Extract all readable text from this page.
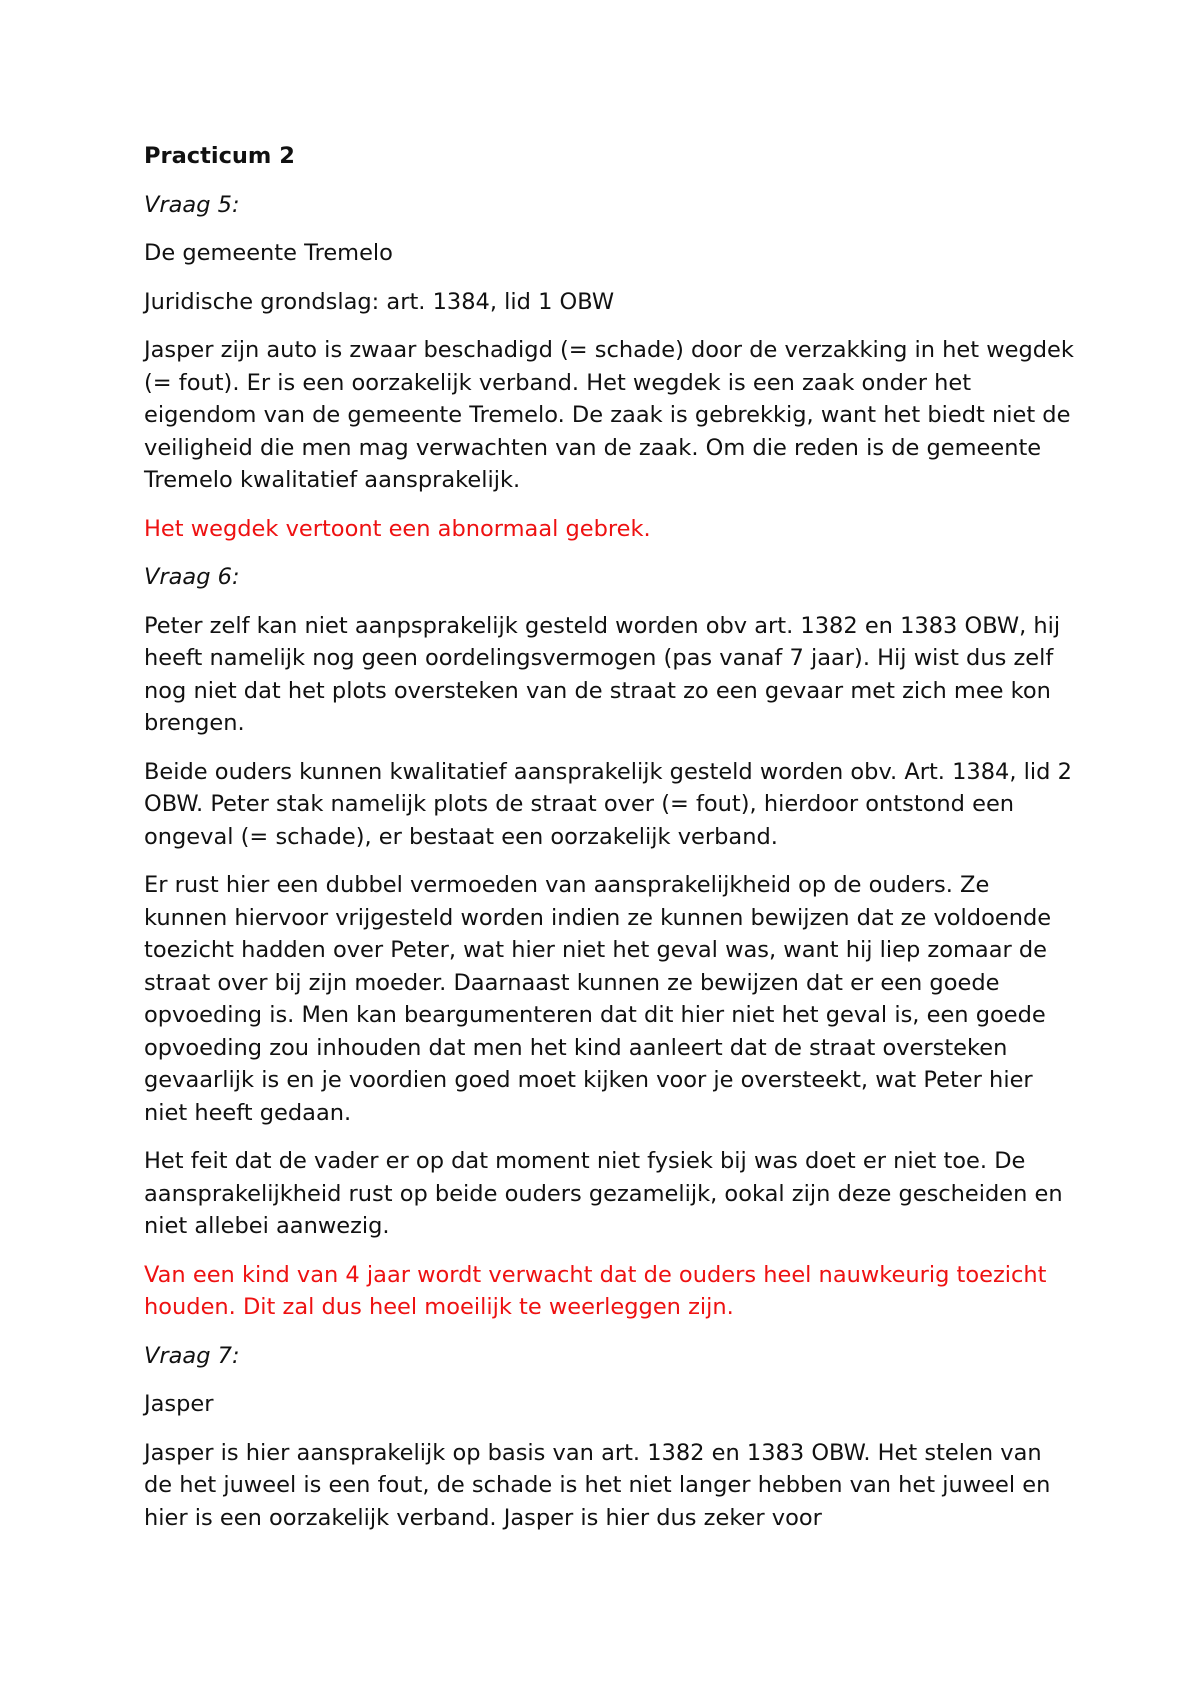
Practicum 2

Vraag 5:

De gemeente Tremelo

Juridische grondslag: art. 1384, lid 1 OBW

Jasper zijn auto is zwaar beschadigd (= schade) door de verzakking in het wegdek (= fout). Er is een oorzakelijk verband. Het wegdek is een zaak onder het eigendom van de gemeente Tremelo. De zaak is gebrekkig, want het biedt niet de veiligheid die men mag verwachten van de zaak. Om die reden is de gemeente Tremelo kwalitatief aansprakelijk.

Het wegdek vertoont een abnormaal gebrek.

Vraag 6:

Peter zelf kan niet aanpsprakelijk gesteld worden obv art. 1382 en 1383 OBW, hij heeft namelijk nog geen oordelingsvermogen (pas vanaf 7 jaar). Hij wist dus zelf nog niet dat het plots oversteken van de straat zo een gevaar met zich mee kon brengen.

Beide ouders kunnen kwalitatief aansprakelijk gesteld worden obv. Art. 1384, lid 2 OBW. Peter stak namelijk plots de straat over (= fout), hierdoor ontstond een ongeval (= schade), er bestaat een oorzakelijk verband.

Er rust hier een dubbel vermoeden van aansprakelijkheid op de ouders. Ze kunnen hiervoor vrijgesteld worden indien ze kunnen bewijzen dat ze voldoende toezicht hadden over Peter, wat hier niet het geval was, want hij liep zomaar de straat over bij zijn moeder. Daarnaast kunnen ze bewijzen dat er een goede opvoeding is. Men kan beargumenteren dat dit hier niet het geval is, een goede opvoeding zou inhouden dat men het kind aanleert dat de straat oversteken gevaarlijk is en je voordien goed moet kijken voor je oversteekt, wat Peter hier niet heeft gedaan.

Het feit dat de vader er op dat moment niet fysiek bij was doet er niet toe. De aansprakelijkheid rust op beide ouders gezamelijk, ookal zijn deze gescheiden en niet allebei aanwezig.

Van een kind van 4 jaar wordt verwacht dat de ouders heel nauwkeurig toezicht houden. Dit zal dus heel moeilijk te weerleggen zijn.

Vraag 7:

Jasper

Jasper is hier aansprakelijk op basis van art. 1382 en 1383 OBW. Het stelen van de het juweel is een fout, de schade is het niet langer hebben van het juweel en hier is een oorzakelijk verband. Jasper is hier dus zeker voor
